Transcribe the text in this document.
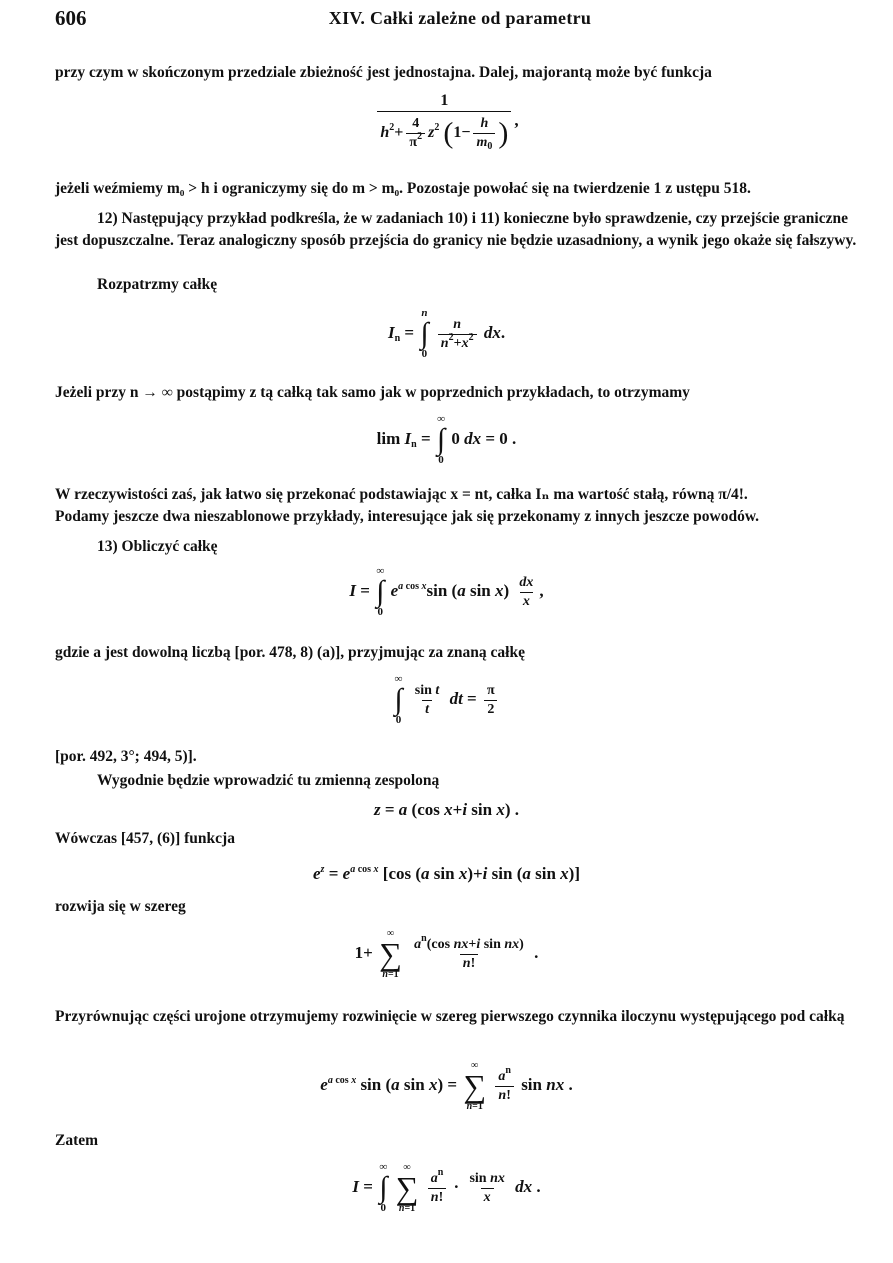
606	XIV. Całki zależne od parametru

przy czym w skończonym przedziale zbieżność jest jednostajna. Dalej, majorantą może być funkcja

$\frac{1}{h^2+ \frac{4}{\pi^2} z^2 (1- \frac{h}{m_0} )}$ ,

jeżeli weźmiemy m₀ > h i ograniczymy się do m > m₀. Pozostaje powołać się na twierdzenie 1 z ustępu 518.

12) Następujący przykład podkreśla, że w zadaniach 10) i 11) konieczne było sprawdzenie, czy przejście graniczne jest dopuszczalne. Teraz analogiczny sposób przejścia do granicy nie będzie uzasadniony, a wynik jego okaże się fałszywy.

Rozpatrzmy całkę

$I_n$ =
n
∫
0

$\frac{n}{n^2+x^2}$ dx.

Jeżeli przy n → ∞ postąpimy z tą całką tak samo jak w poprzednich przykładach, to otrzymamy

$\lim I_n$ =
∞
∫
0
0 dx = 0 .

W rzeczywistości zaś, jak łatwo się przekonać podstawiając x = nt, całka Iₙ ma wartość stałą, równą π/4!.

Podamy jeszcze dwa nieszablonowe przykłady, interesujące jak się przekonamy z innych jeszcze powodów.

13) Obliczyć całkę

I =
∞
∫
0
$e^{a cos x}\sin$ (a $\sin x) \frac{dx}{x}$ ,

gdzie a jest dowolną liczbą [por. 478, 8) (a)], przyjmując za znaną całkę

∞
∫
0

$\frac{\text{sin t}}{t}$ dt = $\frac{\pi}{2}$

[por. 492, 3°; 494, 5)].

Wygodnie będzie wprowadzić tu zmienną zespoloną

z = a (cos x+i sin x) .

Wówczas [457, (6)] funkcja

$e^z = e^{a cos x}$ [cos (a sin x)+i sin (a sin x)]

rozwija się w szereg

1+
∞
∑
n=1

$\frac{a^n(\cos nx+i \sin nx)}{n!}$ .

Przyrównując części urojone otrzymujemy rozwinięcie w szereg pierwszego czynnika iloczynu występującego pod całką

$e^{a cos x}$ sin (a sin x) =
∞
∑
n=1

$\frac{a^n}{n!}$ sin nx .

Zatem

I =
∞
∫
0

∞
∑
n=1

$\frac{a^n}{n!} \cdot \frac{\text{sin nx}}{x}$ dx .
